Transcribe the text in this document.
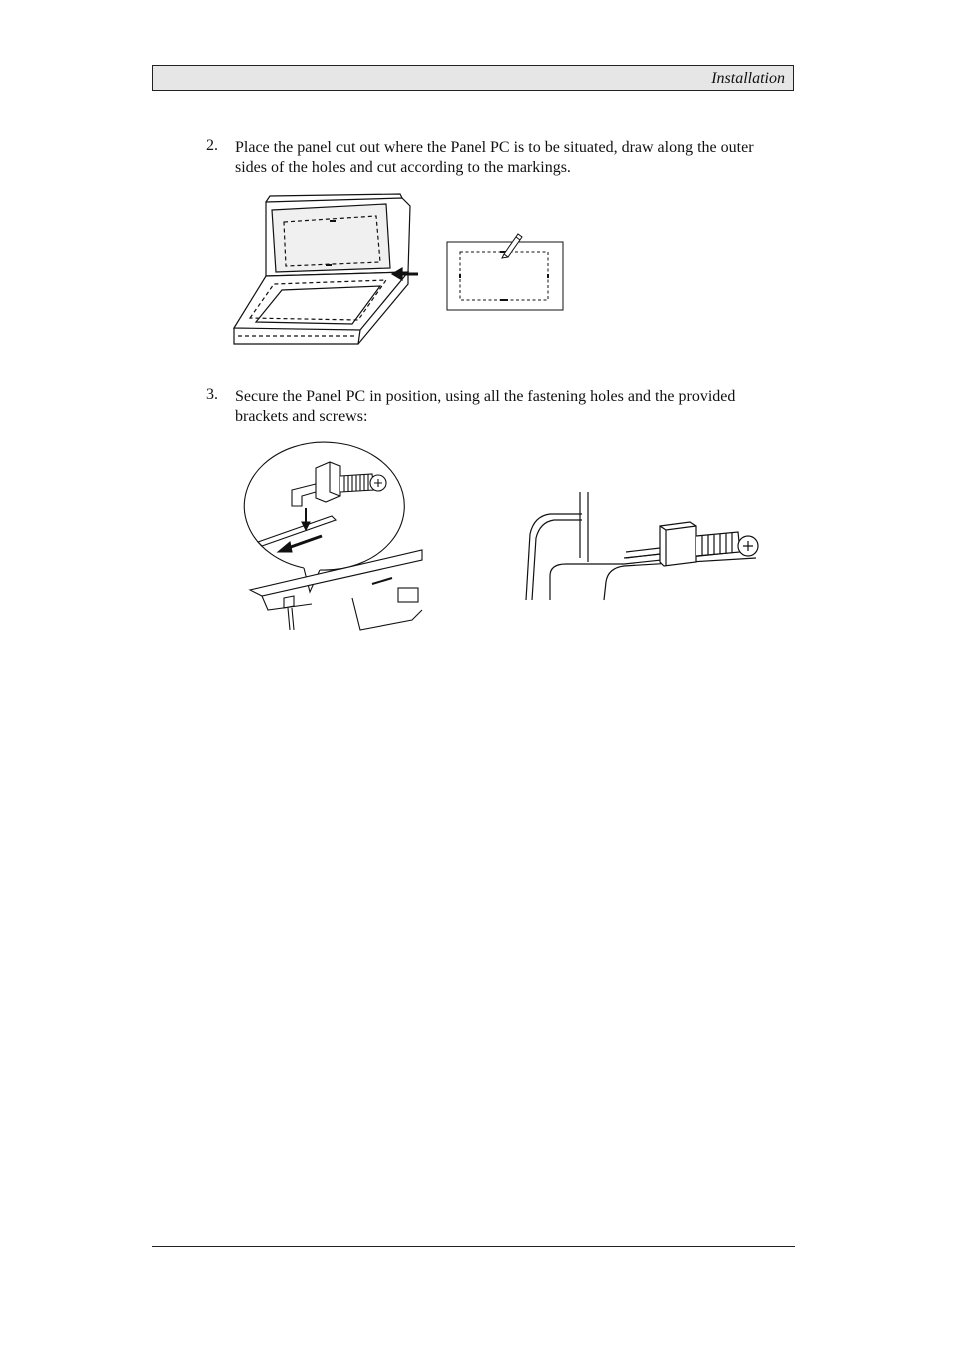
Installation
2. Place the panel cut out where the Panel PC is to be situated, draw along the outer sides of the holes and cut according to the markings.
3. Secure the Panel PC in position, using all the fastening holes and the provided brackets and screws:
